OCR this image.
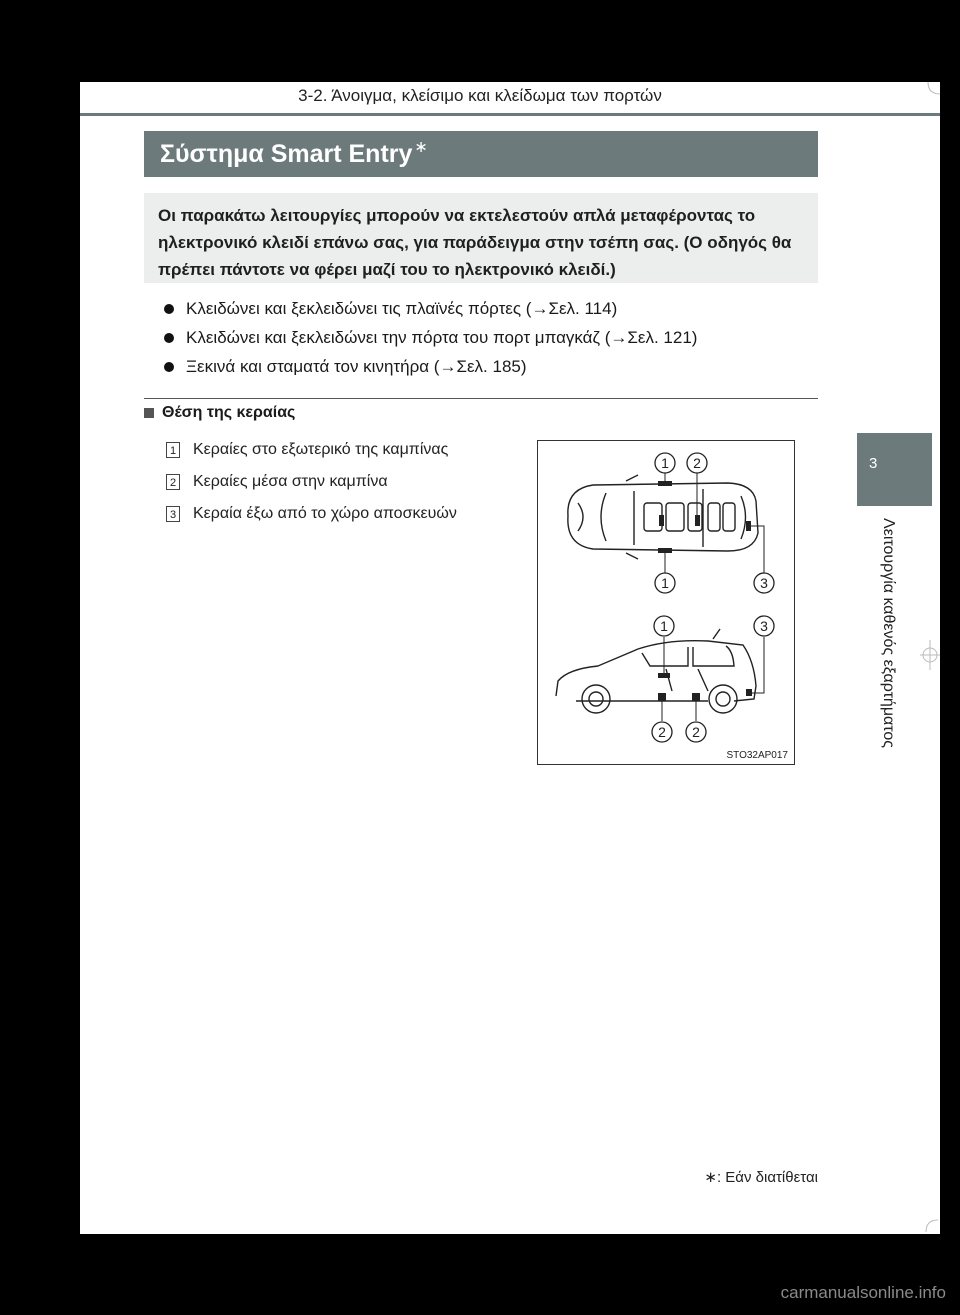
3-2. Άνοιγμα, κλείσιμο και κλείδωμα των πορτών
Σύστημα Smart Entry ∗
Οι παρακάτω λειτουργίες μπορούν να εκτελεστούν απλά μεταφέροντας το ηλεκτρονικό κλειδί επάνω σας, για παράδειγμα στην τσέπη σας. (Ο οδηγός θα πρέπει πάντοτε να φέρει μαζί του το ηλεκτρονικό κλειδί.)
Κλειδώνει και ξεκλειδώνει τις πλαϊνές πόρτες (→Σελ. 114)
Κλειδώνει και ξεκλειδώνει την πόρτα του πορτ μπαγκάζ (→Σελ. 121)
Ξεκινά και σταματά τον κινητήρα (→Σελ. 185)
Θέση της κεραίας
1 Κεραίες στο εξωτερικό της καμπίνας
2 Κεραίες μέσα στην καμπίνα
3 Κεραία έξω από το χώρο αποσκευών
1 2
1	3
1	3
2 2
STO32AP017
3
Λειτουργία καθενός εξαρτήματος
∗: Εάν διατίθεται
carmanualsonline.info
